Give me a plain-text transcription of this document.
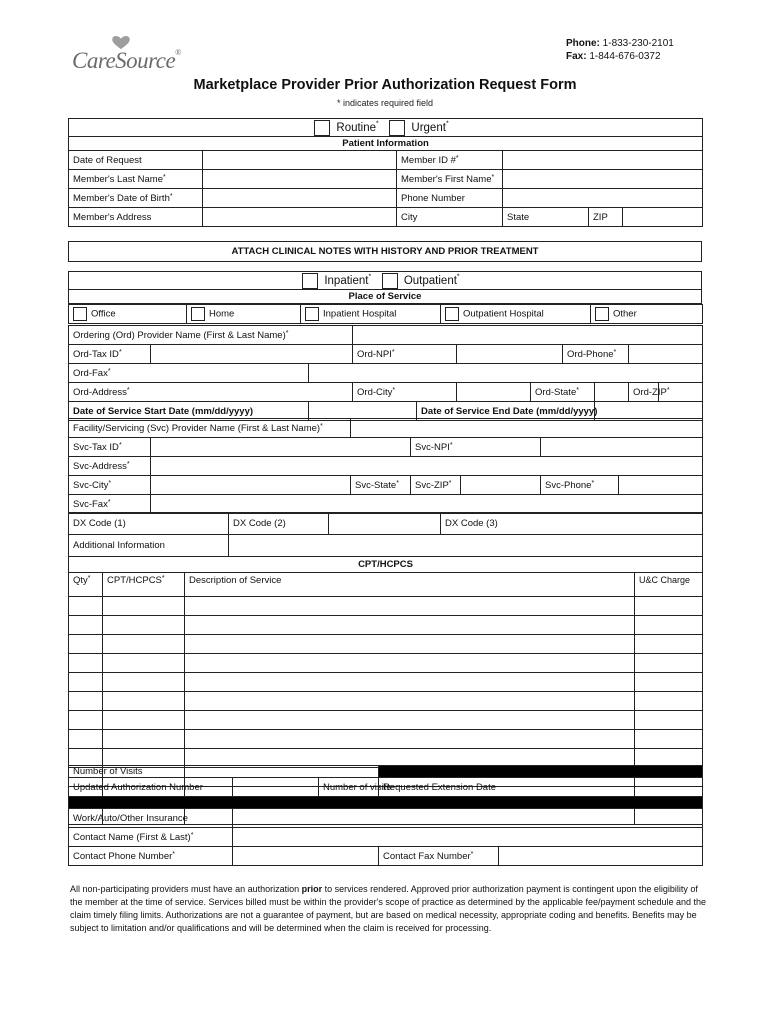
CareSource®
Phone: 1-833-230-2101
Fax: 1-844-676-0372
Marketplace Provider Prior Authorization Request Form
* indicates required field
Routine* Urgent*
Patient Information					
Date of Request		Member ID #*	
Member's Last Name*		Member's First Name*	
Member's Date of Birth*		Phone Number			
Member's Address		City	State	ZIP	
ATTACH CLINICAL NOTES WITH HISTORY AND PRIOR TREATMENT
Inpatient*	Outpatient*
Place of Service
Office	Home	Inpatient Hospital	Outpatient Hospital	Other
Ordering (Ord) Provider Name (First & Last Name)*	
Ord-Tax ID*			Ord-NPI*				Ord-Phone*	
Ord-Fax*	
Ord-Address*			Ord-City*			Ord-State*			Ord-ZIP*	
Date of Service Start Date (mm/dd/yyyy)				Date of Service End Date (mm/dd/yyyy)						
Facility/Servicing (Svc) Provider Name (First & Last Name)*	
Svc-Tax ID*			Svc-NPI*	
Svc-Address*	
Svc-City*		Svc-State*	Svc-ZIP*		Svc-Phone*	
Svc-Fax*	
DX Code (1)	DX Code (2)		DX Code (3)
Additional Information			
CPT/HCPCS			
Qty*	CPT/HCPCS*	Description of Service	U&C Charge

Number of Visits				
Updated Authorization Number		Number of visits	Requested Extension Date	

Work/Auto/Other Insurance				
Contact Name (First & Last)*	
Contact Phone Number*			Contact Fax Number*	
All non-participating providers must have an authorization prior to services rendered. Approved prior authorization payment is contingent upon the eligibility of the member at the time of service. Services billed must be within the provider's scope of practice as determined by the applicable fee/payment schedule and the claim timely filing limits. Authorizations are not a guarantee of payment, but are based on medical necessity, appropriate coding and benefits. Benefits may be subject to limitation and/or qualifications and will be determined when the claim is received for processing.
